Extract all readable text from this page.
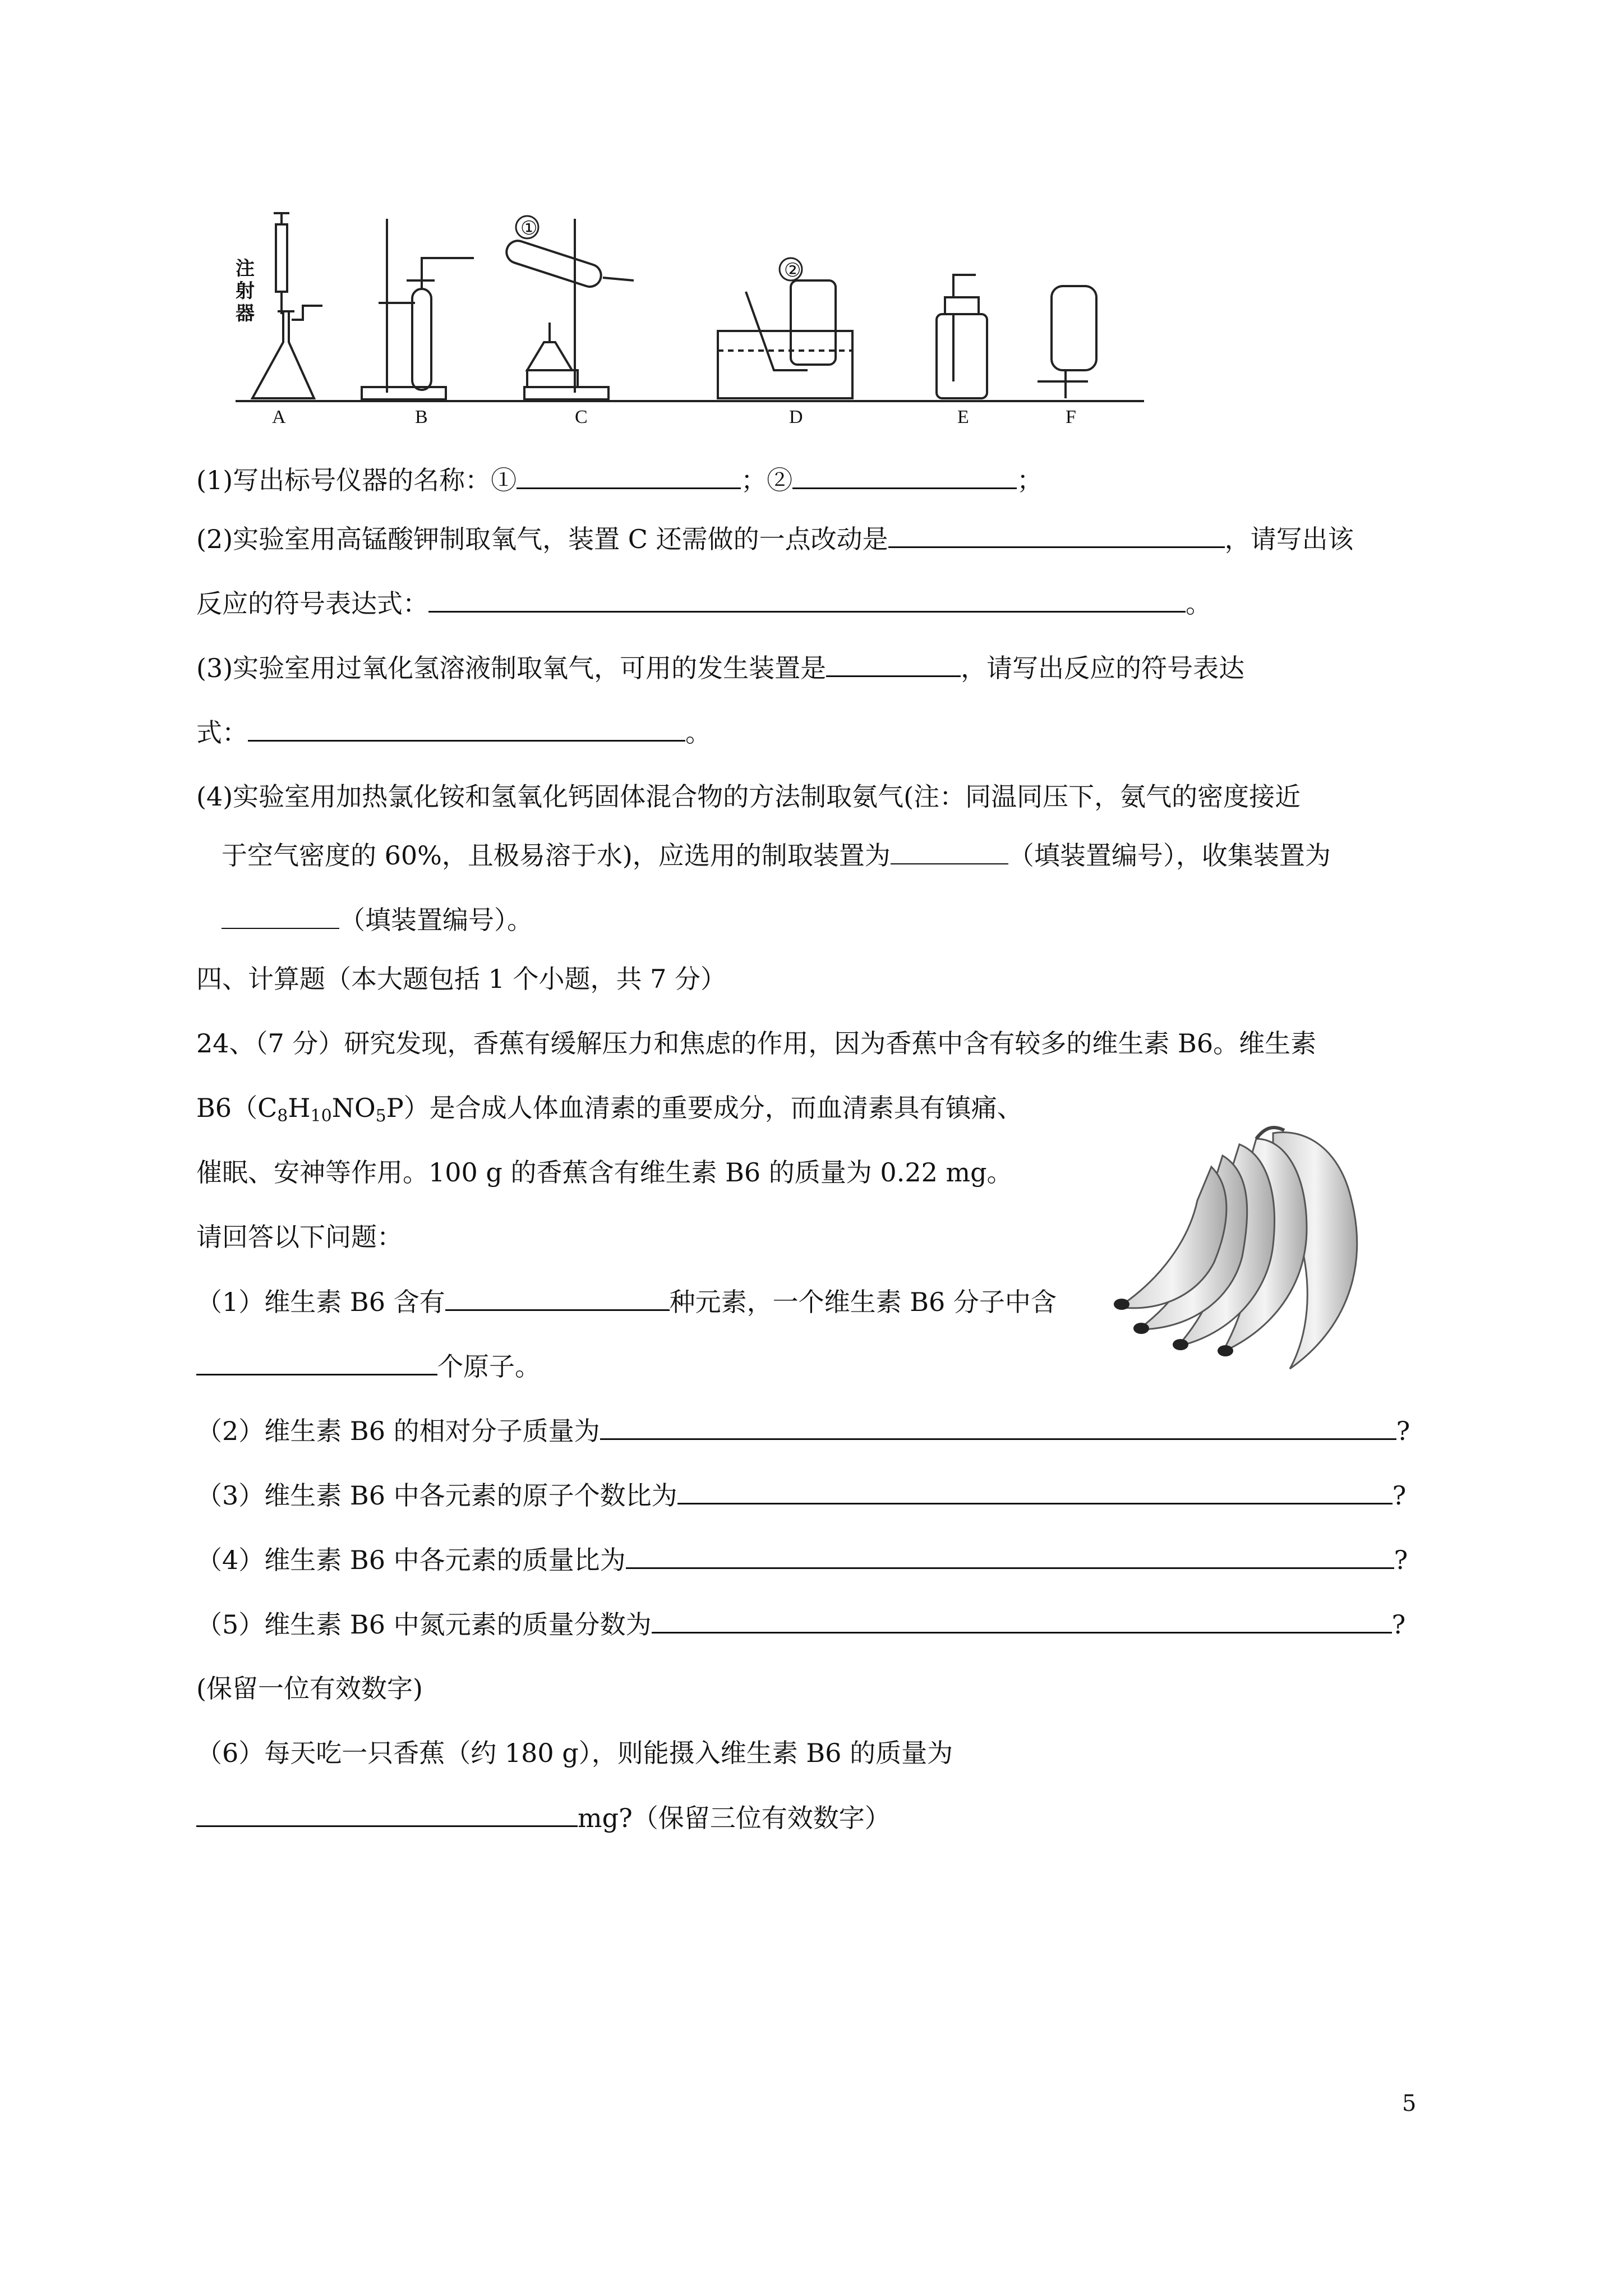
①
②
注射器
A	B	C	D	E	F
(1)写出标号仪器的名称：①	；②	；
(2)实验室用高锰酸钾制取氧气，装置 C 还需做的一点改动是	，请写出该
反应的符号表达式：	。
(3)实验室用过氧化氢溶液制取氧气，可用的发生装置是	，请写出反应的符号表达
式：	。
(4)实验室用加热氯化铵和氢氧化钙固体混合物的方法制取氨气(注：同温同压下，氨气的密度接近
于空气密度的 60%，且极易溶于水)，应选用的制取装置为	（填装置编号），收集装置为
（填装置编号）。
四、计算题（本大题包括 1 个小题，共 7 分）
24、（7 分）研究发现，香蕉有缓解压力和焦虑的作用，因为香蕉中含有较多的维生素 B6。维生素
$B6(C_8H_{10}NO_5P)$是合成人体血清素的重要成分，而血清素具有镇痛、
催眠、安神等作用。100 g 的香蕉含有维生素 B6 的质量为 0.22 mg。
请回答以下问题：
（1）维生素 B6 含有	种元素，一个维生素 B6 分子中含
个原子。
（2）维生素 B6 的相对分子质量为	?
（3）维生素 B6 中各元素的原子个数比为	?
（4）维生素 B6 中各元素的质量比为	?
（5）维生素 B6 中氮元素的质量分数为	?
(保留一位有效数字)
（6）每天吃一只香蕉（约 180 g），则能摄入维生素 B6 的质量为
mg?（保留三位有效数字）
5
